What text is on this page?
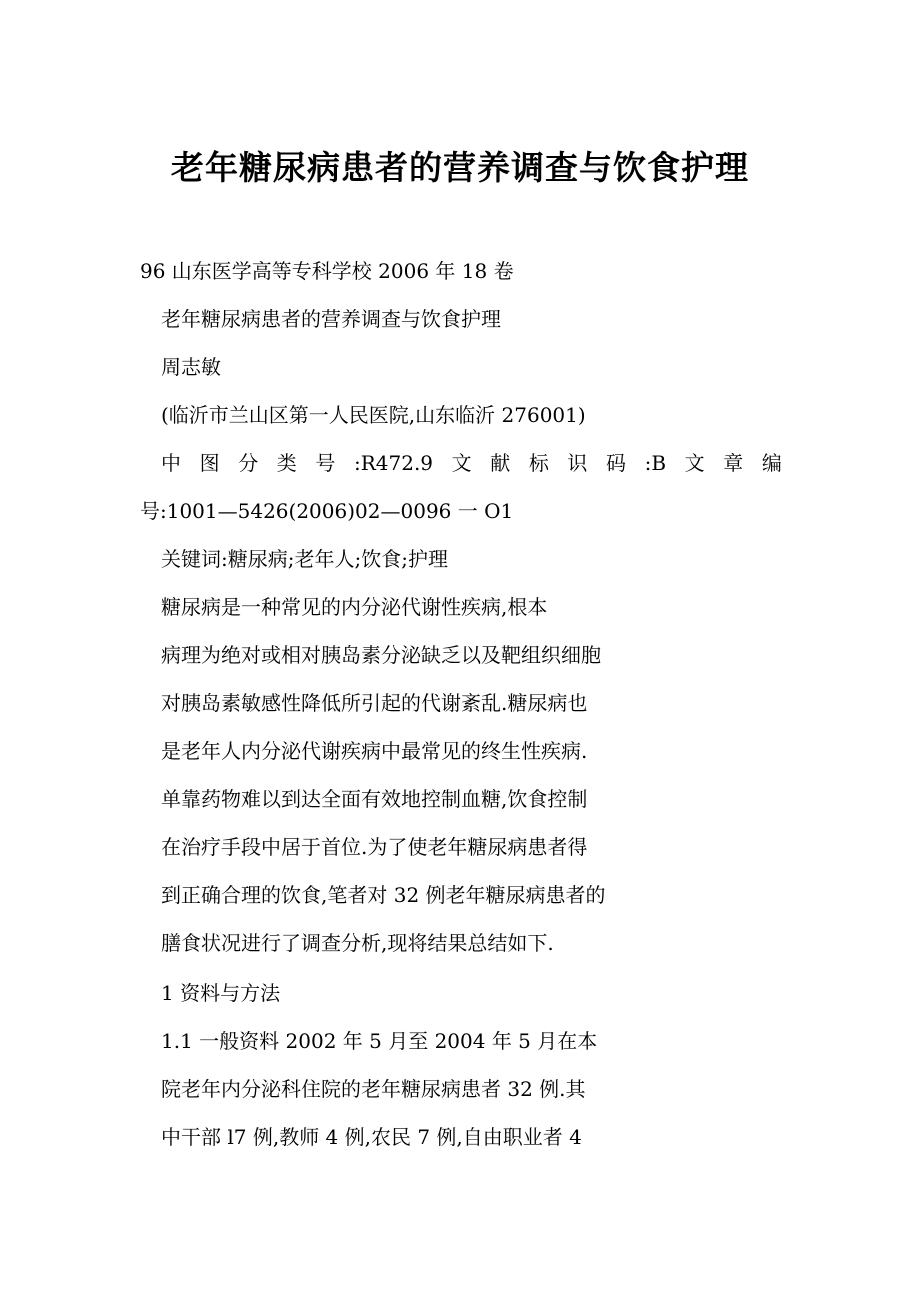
老年糖尿病患者的营养调查与饮食护理
96 山东医学高等专科学校 2006 年 18 卷
老年糖尿病患者的营养调查与饮食护理
周志敏
(临沂市兰山区第一人民医院,山东临沂 276001)
中 图 分 类 号 :R472.9 文 献 标 识 码 :B 文 章 编
号:1001—5426(2006)02—0096 一 O1
关键词:糖尿病;老年人;饮食;护理
糖尿病是一种常见的内分泌代谢性疾病,根本
病理为绝对或相对胰岛素分泌缺乏以及靶组织细胞
对胰岛素敏感性降低所引起的代谢紊乱.糖尿病也
是老年人内分泌代谢疾病中最常见的终生性疾病.
单靠药物难以到达全面有效地控制血糖,饮食控制
在治疗手段中居于首位.为了使老年糖尿病患者得
到正确合理的饮食,笔者对 32 例老年糖尿病患者的
膳食状况进行了调查分析,现将结果总结如下.
1 资料与方法
1.1 一般资料 2002 年 5 月至 2004 年 5 月在本
院老年内分泌科住院的老年糖尿病患者 32 例.其
中干部 l7 例,教师 4 例,农民 7 例,自由职业者 4
